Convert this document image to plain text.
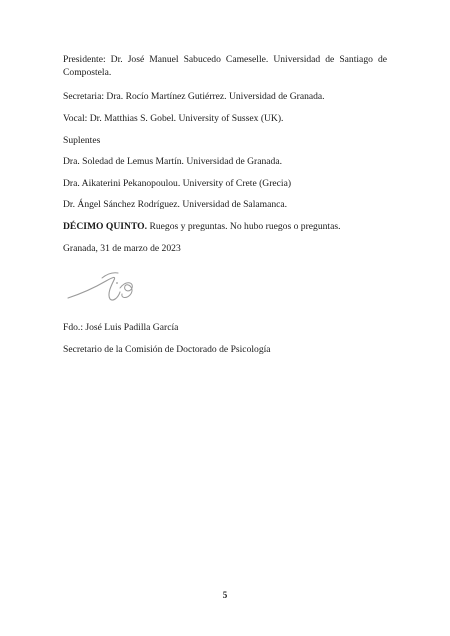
Presidente: Dr. José Manuel Sabucedo Cameselle. Universidad de Santiago de Compostela.

Secretaria: Dra. Rocío Martínez Gutiérrez. Universidad de Granada.

Vocal: Dr. Matthias S. Gobel. University of Sussex (UK).

Suplentes

Dra. Soledad de Lemus Martín. Universidad de Granada.

Dra. Aikaterini Pekanopoulou. University of Crete (Grecia)

Dr. Ángel Sánchez Rodríguez. Universidad de Salamanca.

DÉCIMO QUINTO. Ruegos y preguntas. No hubo ruegos o preguntas.

Granada, 31 de marzo de 2023

Fdo.: José Luis Padilla García

Secretario de la Comisión de Doctorado de Psicología

5
